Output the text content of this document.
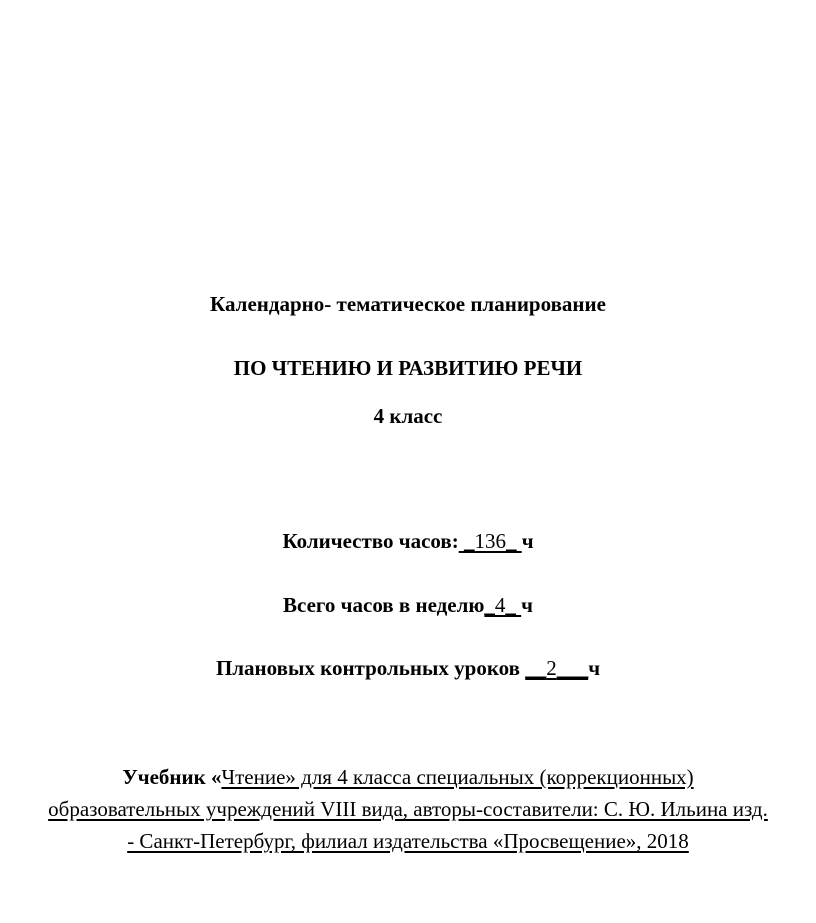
Календарно- тематическое планирование
ПО ЧТЕНИЮ И РАЗВИТИЮ РЕЧИ
4 класс
Количество часов: _136_ ч
Всего часов в неделю_4_ ч
Плановых контрольных уроков __2___ч
Учебник «Чтение» для 4 класса специальных (коррекционных)
образовательных учреждений VIII вида, авторы-составители: С. Ю. Ильина изд.
- Санкт-Петербург, филиал издательства «Просвещение», 2018
